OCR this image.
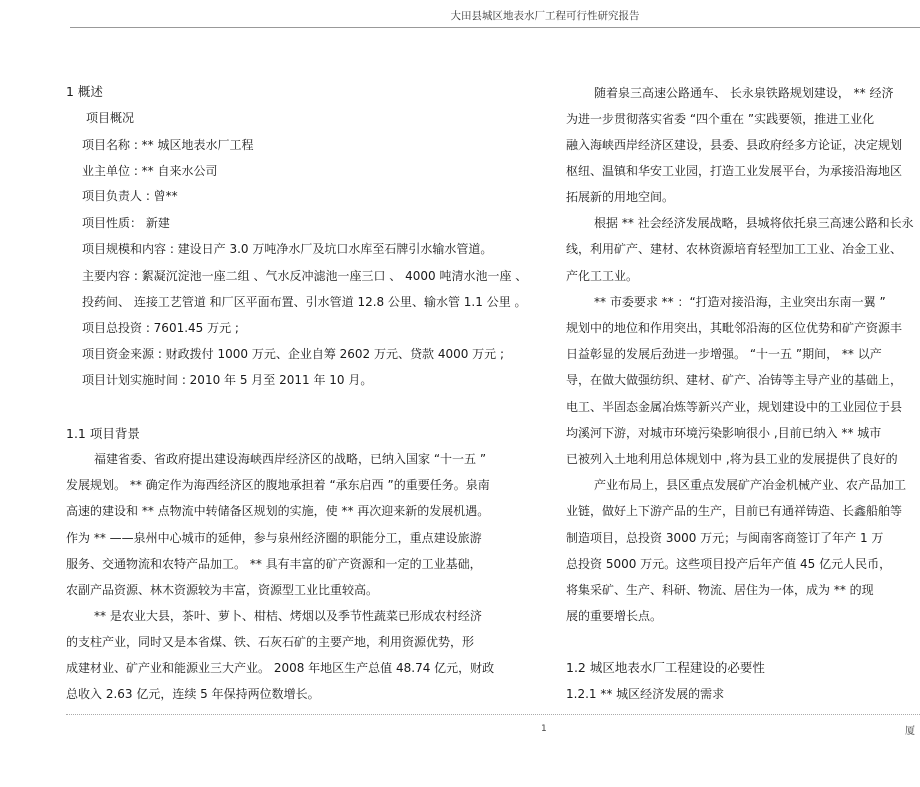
大田县城区地表水厂工程可行性研究报告
1 概述
项目概况
项目名称 : ** 城区地表水厂工程
业主单位 : ** 自来水公司
项目负责人 : 曾**
项目性质： 新建
项目规模和内容 : 建设日产 3.0 万吨净水厂及坑口水库至石牌引水输水管道。
主要内容 : 絮凝沉淀池一座二组 、气水反冲滤池一座三口 、 4000 吨清水池一座 、
投药间、 连接工艺管道 和厂区平面布置、引水管道 12.8 公里、输水管 1.1 公里 。
项目总投资 : 7601.45 万元 ;
项目资金来源 : 财政拨付 1000 万元、企业自筹 2602 万元、贷款 4000 万元 ;
项目计划实施时间 : 2010 年 5 月至 2011 年 10 月。
1.1 项目背景
福建省委、省政府提出建设海峡西岸经济区的战略，已纳入国家 “十一五 ”
发展规划。 ** 确定作为海西经济区的腹地承担着 “承东启西 ”的重要任务。泉南
高速的建设和 ** 点物流中转储备区规划的实施，使 ** 再次迎来新的发展机遇。
作为 ** ——泉州中心城市的延伸，参与泉州经济圈的职能分工，重点建设旅游
服务、交通物流和农特产品加工。 ** 具有丰富的矿产资源和一定的工业基础，
农副产品资源、林木资源较为丰富，资源型工业比重较高。
** 是农业大县，茶叶、萝卜、柑桔、烤烟以及季节性蔬菜已形成农村经济
的支柱产业，同时又是本省煤、铁、石灰石矿的主要产地，利用资源优势，形
成建材业、矿产业和能源业三大产业。 2008 年地区生产总值 48.74 亿元，财政
总收入 2.63 亿元，连续 5 年保持两位数增长。
随着泉三高速公路通车、 长永泉铁路规划建设， ** 经济
为进一步贯彻落实省委 “四个重在 ”实践要领，推进工业化
融入海峡西岸经济区建设，县委、县政府经多方论证，决定规划
枢纽、温镇和华安工业园，打造工业发展平台，为承接沿海地区
拓展新的用地空间。
根据 ** 社会经济发展战略，县城将依托泉三高速公路和长永
线，利用矿产、建材、农林资源培育轻型加工工业、冶金工业、
产化工工业。
** 市委要求 ** ：“打造对接沿海，主业突出东南一翼 ”
规划中的地位和作用突出，其毗邻沿海的区位优势和矿产资源丰
日益彰显的发展后劲进一步增强。 “十一五 ”期间， ** 以产
导，在做大做强纺织、建材、矿产、冶铸等主导产业的基础上，
电工、半固态金属冶炼等新兴产业，规划建设中的工业园位于县
均溪河下游，对城市环境污染影响很小 ,目前已纳入 ** 城市
已被列入土地利用总体规划中 ,将为县工业的发展提供了良好的
产业布局上，县区重点发展矿产冶金机械产业、农产品加工
业链，做好上下游产品的生产，目前已有通祥铸造、长鑫船舶等
制造项目，总投资 3000 万元；与闽南客商签订了年产 1 万
总投资 5000 万元。这些项目投产后年产值 45 亿元人民币，
将集采矿、生产、科研、物流、居住为一体，成为 ** 的现
展的重要增长点。
1.2 城区地表水厂工程建设的必要性
1.2.1 ** 城区经济发展的需求
1	厦
